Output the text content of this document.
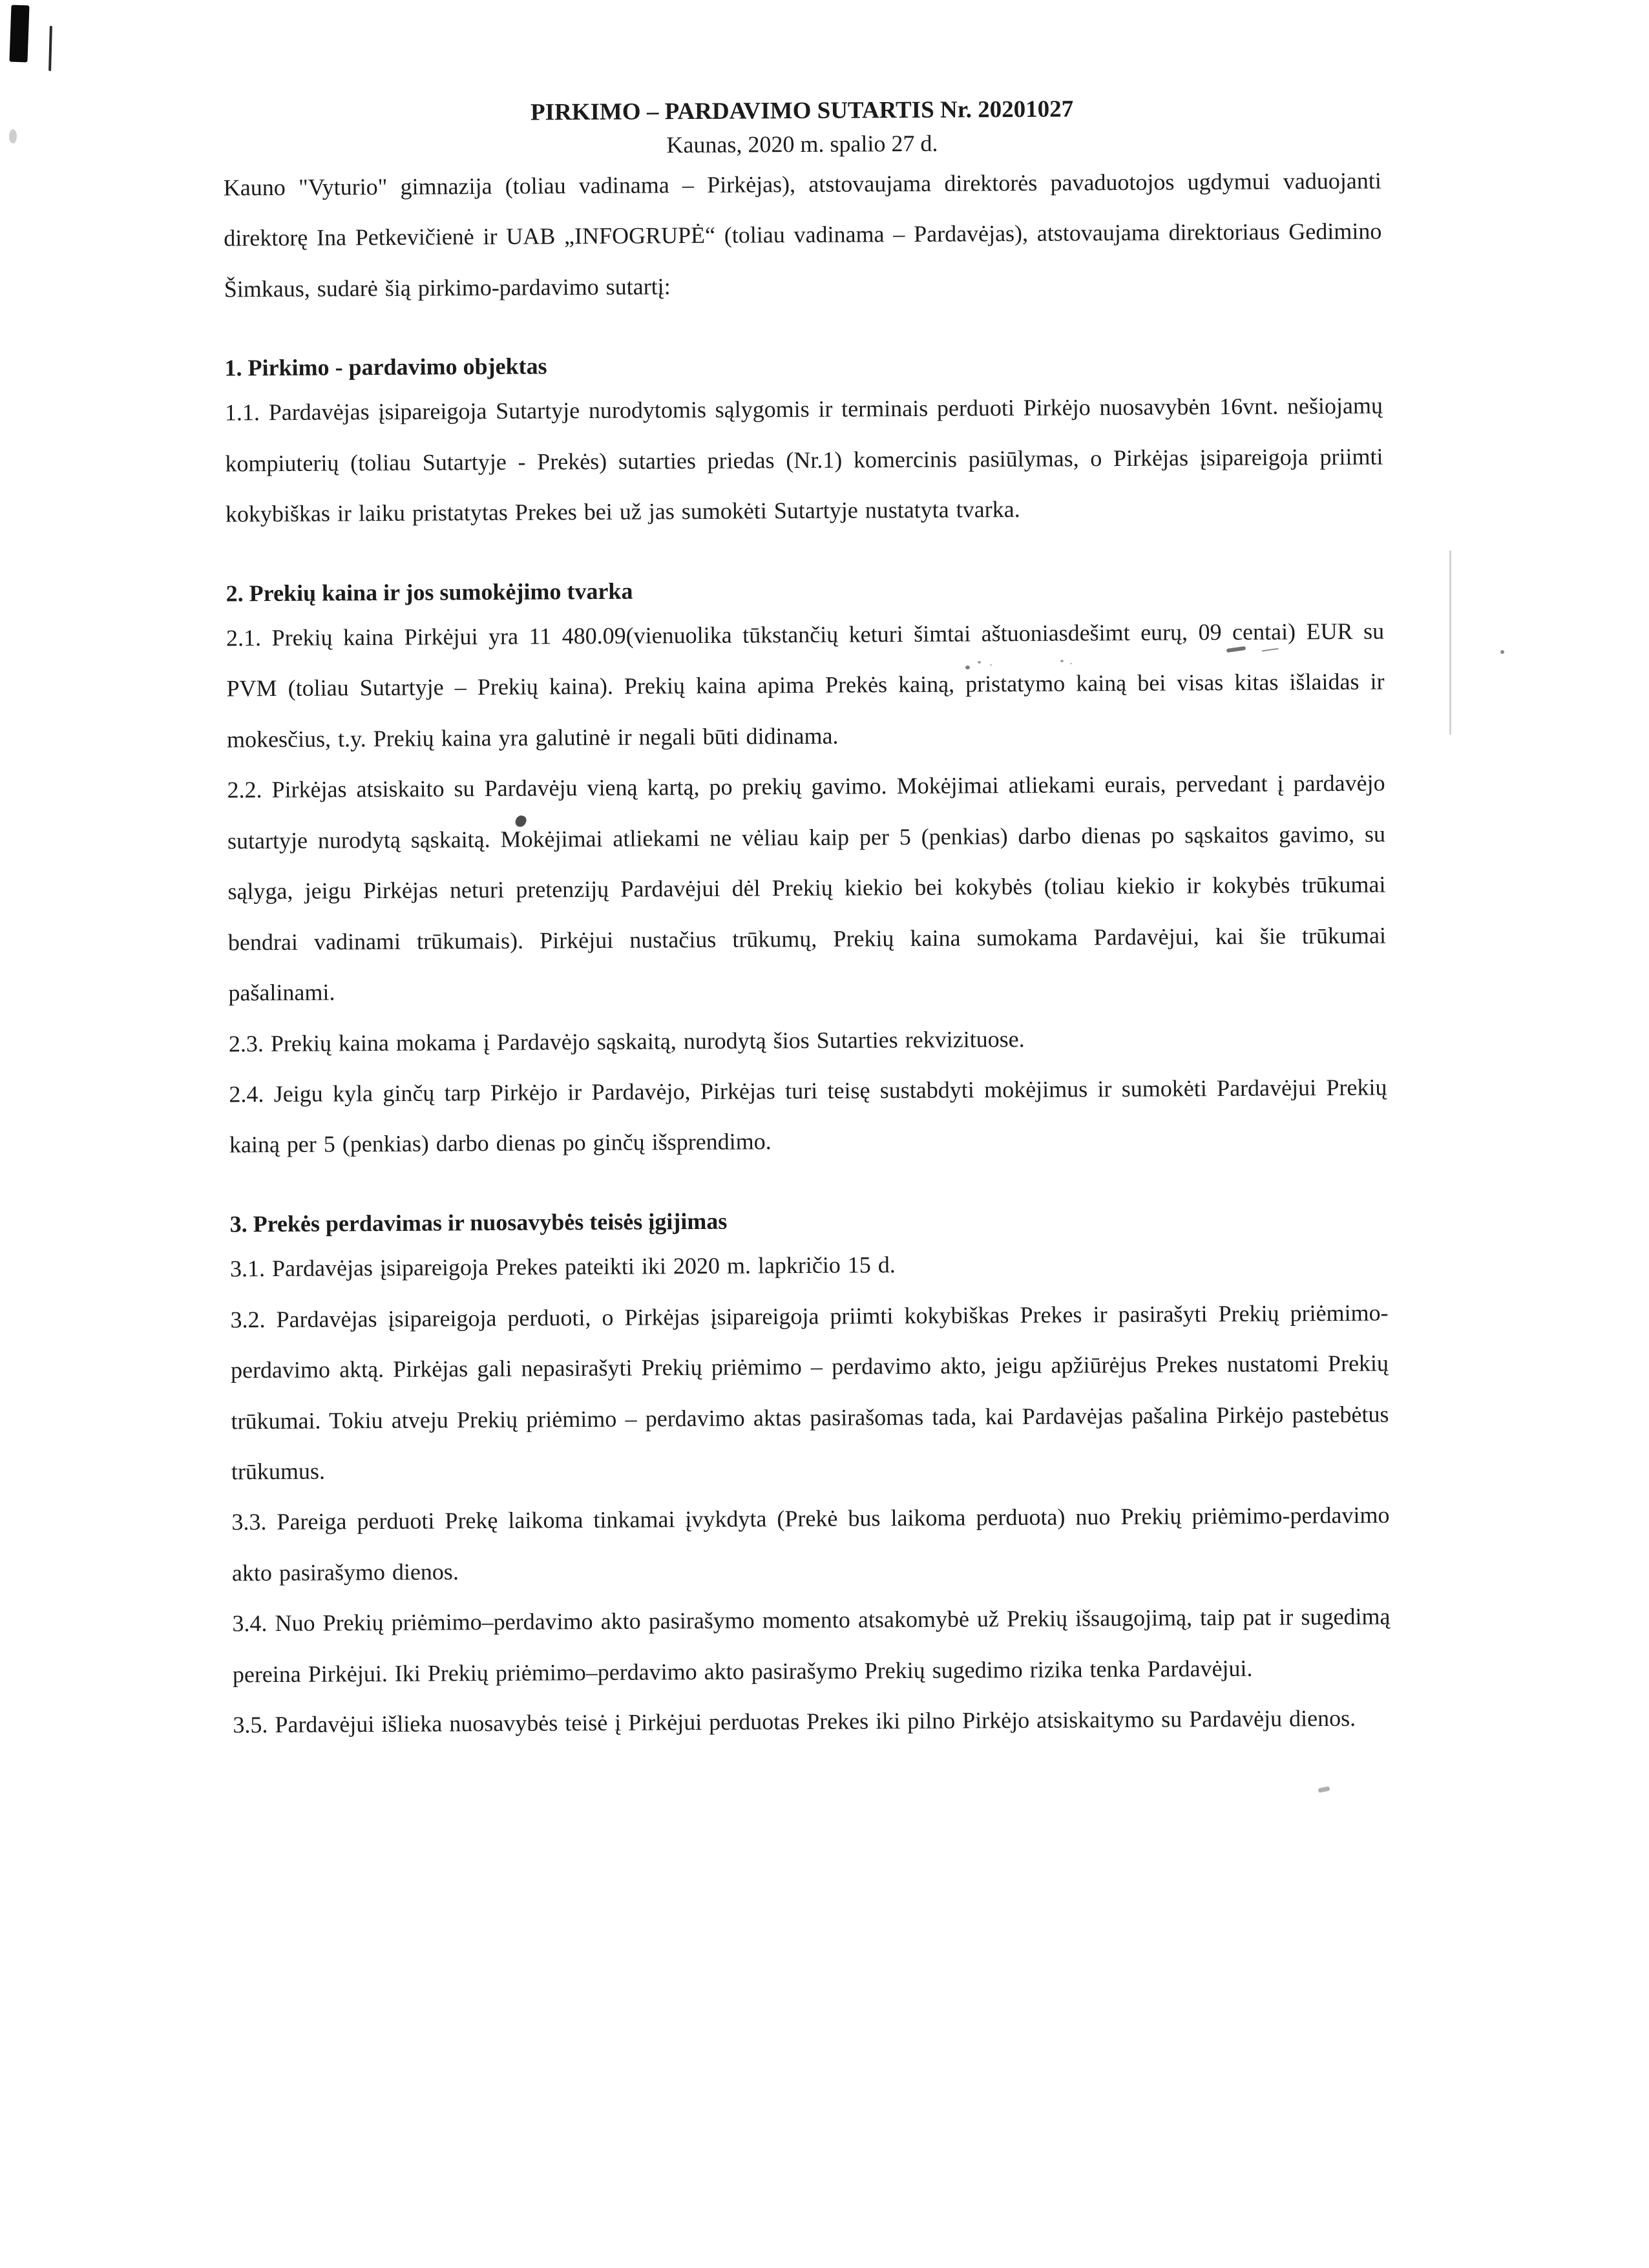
PIRKIMO – PARDAVIMO SUTARTIS Nr. 20201027
Kaunas, 2020 m. spalio 27 d.

Kauno "Vyturio" gimnazija (toliau vadinama – Pirkėjas), atstovaujama direktorės pavaduotojos ugdymui vaduojanti direktorę Ina Petkevičienė ir UAB „INFOGRUPĖ“ (toliau vadinama – Pardavėjas), atstovaujama direktoriaus Gedimino Šimkaus, sudarė šią pirkimo-pardavimo sutartį:

1. Pirkimo - pardavimo objektas

1.1. Pardavėjas įsipareigoja Sutartyje nurodytomis sąlygomis ir terminais perduoti Pirkėjo nuosavybėn 16vnt. nešiojamų kompiuterių (toliau Sutartyje - Prekės) sutarties priedas (Nr.1) komercinis pasiūlymas, o Pirkėjas įsipareigoja priimti kokybiškas ir laiku pristatytas Prekes bei už jas sumokėti Sutartyje nustatyta tvarka.

2. Prekių kaina ir jos sumokėjimo tvarka

2.1. Prekių kaina Pirkėjui yra 11 480.09(vienuolika tūkstančių keturi šimtai aštuoniasdešimt eurų, 09 centai) EUR su PVM (toliau Sutartyje – Prekių kaina). Prekių kaina apima Prekės kainą, pristatymo kainą bei visas kitas išlaidas ir mokesčius, t.y. Prekių kaina yra galutinė ir negali būti didinama.

2.2. Pirkėjas atsiskaito su Pardavėju vieną kartą, po prekių gavimo. Mokėjimai atliekami eurais, pervedant į pardavėjo sutartyje nurodytą sąskaitą. Mokėjimai atliekami ne vėliau kaip per 5 (penkias) darbo dienas po sąskaitos gavimo, su sąlyga, jeigu Pirkėjas neturi pretenzijų Pardavėjui dėl Prekių kiekio bei kokybės (toliau kiekio ir kokybės trūkumai bendrai vadinami trūkumais). Pirkėjui nustačius trūkumų, Prekių kaina sumokama Pardavėjui, kai šie trūkumai pašalinami.

2.3. Prekių kaina mokama į Pardavėjo sąskaitą, nurodytą šios Sutarties rekvizituose.

2.4. Jeigu kyla ginčų tarp Pirkėjo ir Pardavėjo, Pirkėjas turi teisę sustabdyti mokėjimus ir sumokėti Pardavėjui Prekių kainą per 5 (penkias) darbo dienas po ginčų išsprendimo.

3. Prekės perdavimas ir nuosavybės teisės įgijimas

3.1. Pardavėjas įsipareigoja Prekes pateikti iki 2020 m. lapkričio 15 d.

3.2. Pardavėjas įsipareigoja perduoti, o Pirkėjas įsipareigoja priimti kokybiškas Prekes ir pasirašyti Prekių priėmimo-perdavimo aktą. Pirkėjas gali nepasirašyti Prekių priėmimo – perdavimo akto, jeigu apžiūrėjus Prekes nustatomi Prekių trūkumai. Tokiu atveju Prekių priėmimo – perdavimo aktas pasirašomas tada, kai Pardavėjas pašalina Pirkėjo pastebėtus trūkumus.

3.3. Pareiga perduoti Prekę laikoma tinkamai įvykdyta (Prekė bus laikoma perduota) nuo Prekių priėmimo-perdavimo akto pasirašymo dienos.

3.4. Nuo Prekių priėmimo–perdavimo akto pasirašymo momento atsakomybė už Prekių išsaugojimą, taip pat ir sugedimą pereina Pirkėjui. Iki Prekių priėmimo–perdavimo akto pasirašymo Prekių sugedimo rizika tenka Pardavėjui.

3.5. Pardavėjui išlieka nuosavybės teisė į Pirkėjui perduotas Prekes iki pilno Pirkėjo atsiskaitymo su Pardavėju dienos.
